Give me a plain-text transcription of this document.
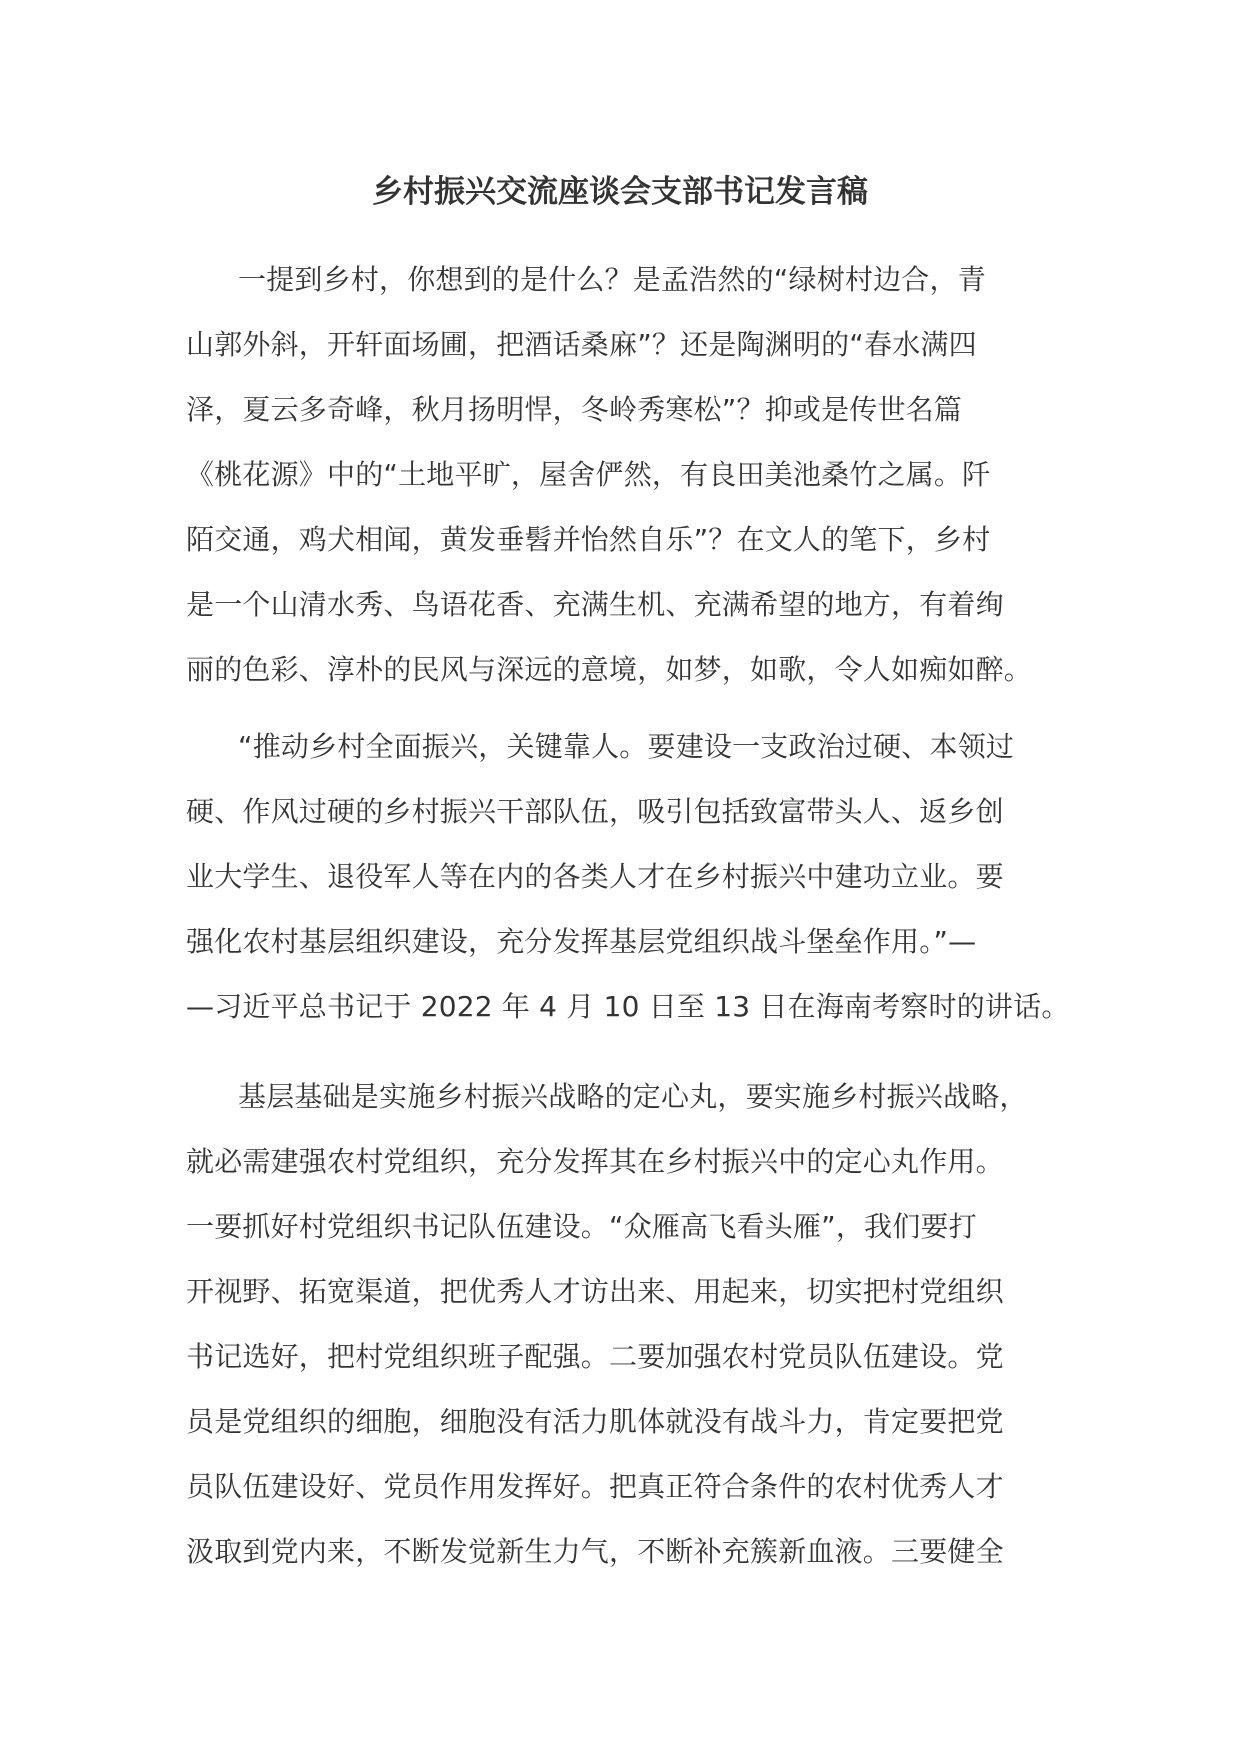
乡村振兴交流座谈会支部书记发言稿
一提到乡村，你想到的是什么？是孟浩然的“绿树村边合，青
山郭外斜，开轩面场圃，把酒话桑麻”？还是陶渊明的“春水满四
泽，夏云多奇峰，秋月扬明悍，冬岭秀寒松”？抑或是传世名篇
《桃花源》中的“土地平旷，屋舍俨然，有良田美池桑竹之属。阡
陌交通，鸡犬相闻，黄发垂髫并怡然自乐”？在文人的笔下，乡村
是一个山清水秀、鸟语花香、充满生机、充满希望的地方，有着绚
丽的色彩、淳朴的民风与深远的意境，如梦，如歌，令人如痴如醉。
“推动乡村全面振兴，关键靠人。要建设一支政治过硬、本领过
硬、作风过硬的乡村振兴干部队伍，吸引包括致富带头人、返乡创
业大学生、退役军人等在内的各类人才在乡村振兴中建功立业。要
强化农村基层组织建设，充分发挥基层党组织战斗堡垒作用。”—
—习近平总书记于 2022 年 4 月 10 日至 13 日在海南考察时的讲话。
基层基础是实施乡村振兴战略的定心丸，要实施乡村振兴战略，
就必需建强农村党组织，充分发挥其在乡村振兴中的定心丸作用。
一要抓好村党组织书记队伍建设。“众雁高飞看头雁”，我们要打
开视野、拓宽渠道，把优秀人才访出来、用起来，切实把村党组织
书记选好，把村党组织班子配强。二要加强农村党员队伍建设。党
员是党组织的细胞，细胞没有活力肌体就没有战斗力，肯定要把党
员队伍建设好、党员作用发挥好。把真正符合条件的农村优秀人才
汲取到党内来，不断发觉新生力气，不断补充簇新血液。三要健全
